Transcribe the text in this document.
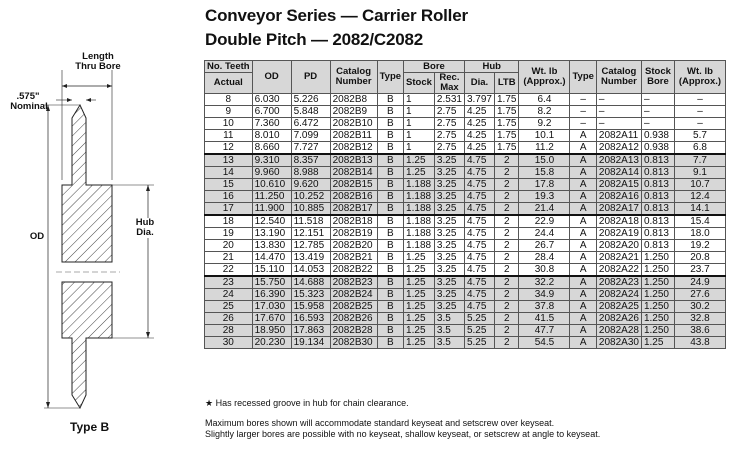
Length Thru Bore
.575"
Nominal
OD
Hub Dia.
Type B
Conveyor Series — Carrier Roller
Double Pitch — 2082/C2082
No. Teeth	OD	PD	Catalog Number	Type	Bore		Hub		Wt. lb (Approx.)	Type	Catalog Number	Stock Bore	Wt. lb (Approx.)
Actual					Stock	Rec. Max	Dia.	LTB					
8	6.030	5.226	2082B8	B	1	2.531	3.797	1.75	6.4	–	–	–	–
9	6.700	5.848	2082B9	B	1	2.75	4.25	1.75	8.2	–	–	–	–
10	7.360	6.472	2082B10	B	1	2.75	4.25	1.75	9.2	–	–	–	–
11	8.010	7.099	2082B11	B	1	2.75	4.25	1.75	10.1	A	2082A11	0.938	5.7
12	8.660	7.727	2082B12	B	1	2.75	4.25	1.75	11.2	A	2082A12	0.938	6.8
13	9.310	8.357	2082B13	B	1.25	3.25	4.75	2	15.0	A	2082A13	0.813	7.7
14	9.960	8.988	2082B14	B	1.25	3.25	4.75	2	15.8	A	2082A14	0.813	9.1
15	10.610	9.620	2082B15	B	1.188	3.25	4.75	2	17.8	A	2082A15	0.813	10.7
16	11.250	10.252	2082B16	B	1.188	3.25	4.75	2	19.3	A	2082A16	0.813	12.4
17	11.900	10.885	2082B17	B	1.188	3.25	4.75	2	21.4	A	2082A17	0.813	14.1
18	12.540	11.518	2082B18	B	1.188	3.25	4.75	2	22.9	A	2082A18	0.813	15.4
19	13.190	12.151	2082B19	B	1.188	3.25	4.75	2	24.4	A	2082A19	0.813	18.0
20	13.830	12.785	2082B20	B	1.188	3.25	4.75	2	26.7	A	2082A20	0.813	19.2
21	14.470	13.419	2082B21	B	1.25	3.25	4.75	2	28.4	A	2082A21	1.250	20.8
22	15.110	14.053	2082B22	B	1.25	3.25	4.75	2	30.8	A	2082A22	1.250	23.7
23	15.750	14.688	2082B23	B	1.25	3.25	4.75	2	32.2	A	2082A23	1.250	24.9
24	16.390	15.323	2082B24	B	1.25	3.25	4.75	2	34.9	A	2082A24	1.250	27.6
25	17.030	15.958	2082B25	B	1.25	3.25	4.75	2	37.8	A	2082A25	1.250	30.2
26	17.670	16.593	2082B26	B	1.25	3.5	5.25	2	41.5	A	2082A26	1.250	32.8
28	18.950	17.863	2082B28	B	1.25	3.5	5.25	2	47.7	A	2082A28	1.250	38.6
30	20.230	19.134	2082B30	B	1.25	3.5	5.25	2	54.5	A	2082A30	1.25	43.8
★ Has recessed groove in hub for chain clearance.
Maximum bores shown will accommodate standard keyseat and setscrew over keyseat.
Slightly larger bores are possible with no keyseat, shallow keyseat, or setscrew at angle to keyseat.
